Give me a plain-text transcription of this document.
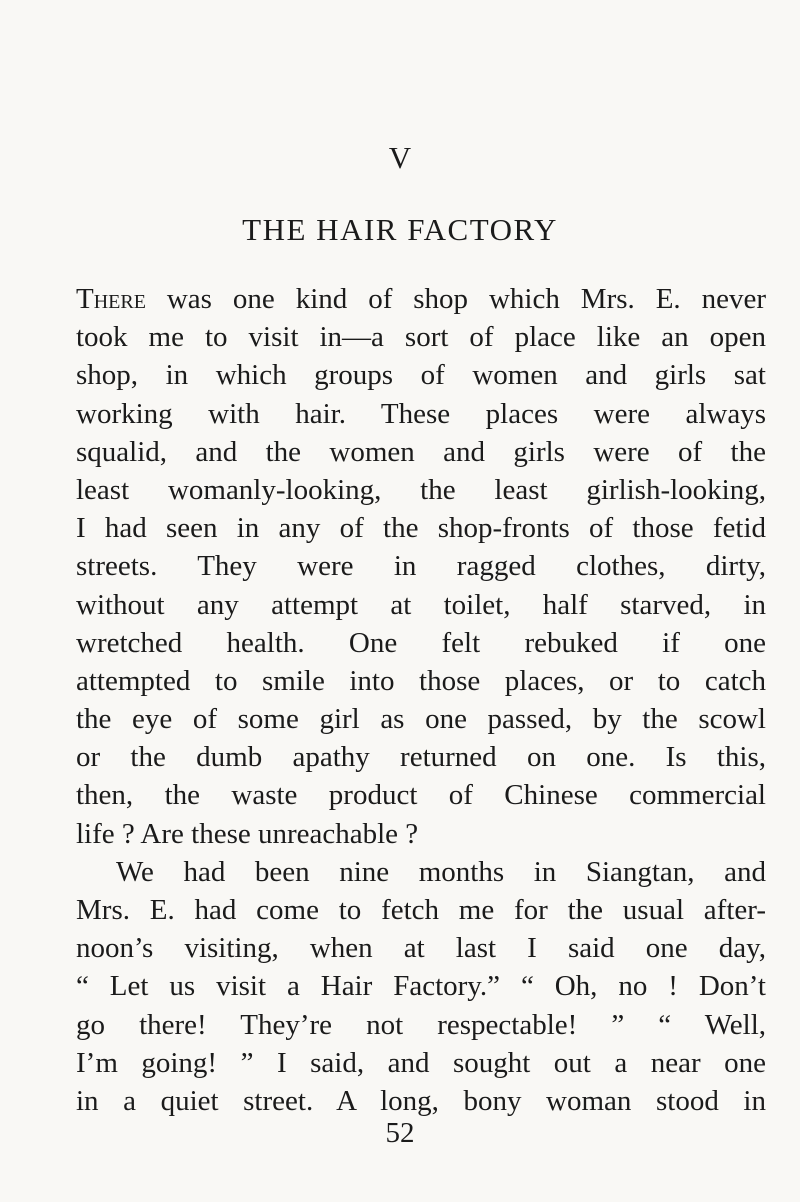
V
THE HAIR FACTORY
There was one kind of shop which Mrs. E. never
took me to visit in—a sort of place like an open
shop, in which groups of women and girls sat
working with hair. These places were always
squalid, and the women and girls were of the
least womanly-looking, the least girlish-looking,
I had seen in any of the shop-fronts of those fetid
streets. They were in ragged clothes, dirty,
without any attempt at toilet, half starved, in
wretched health. One felt rebuked if one
attempted to smile into those places, or to catch
the eye of some girl as one passed, by the scowl
or the dumb apathy returned on one. Is this,
then, the waste product of Chinese commercial
life ? Are these unreachable ?
We had been nine months in Siangtan, and
Mrs. E. had come to fetch me for the usual after-
noon’s visiting, when at last I said one day,
“ Let us visit a Hair Factory.” “ Oh, no ! Don’t
go there! They’re not respectable! ” “ Well,
I’m going! ” I said, and sought out a near one
in a quiet street. A long, bony woman stood in
52
